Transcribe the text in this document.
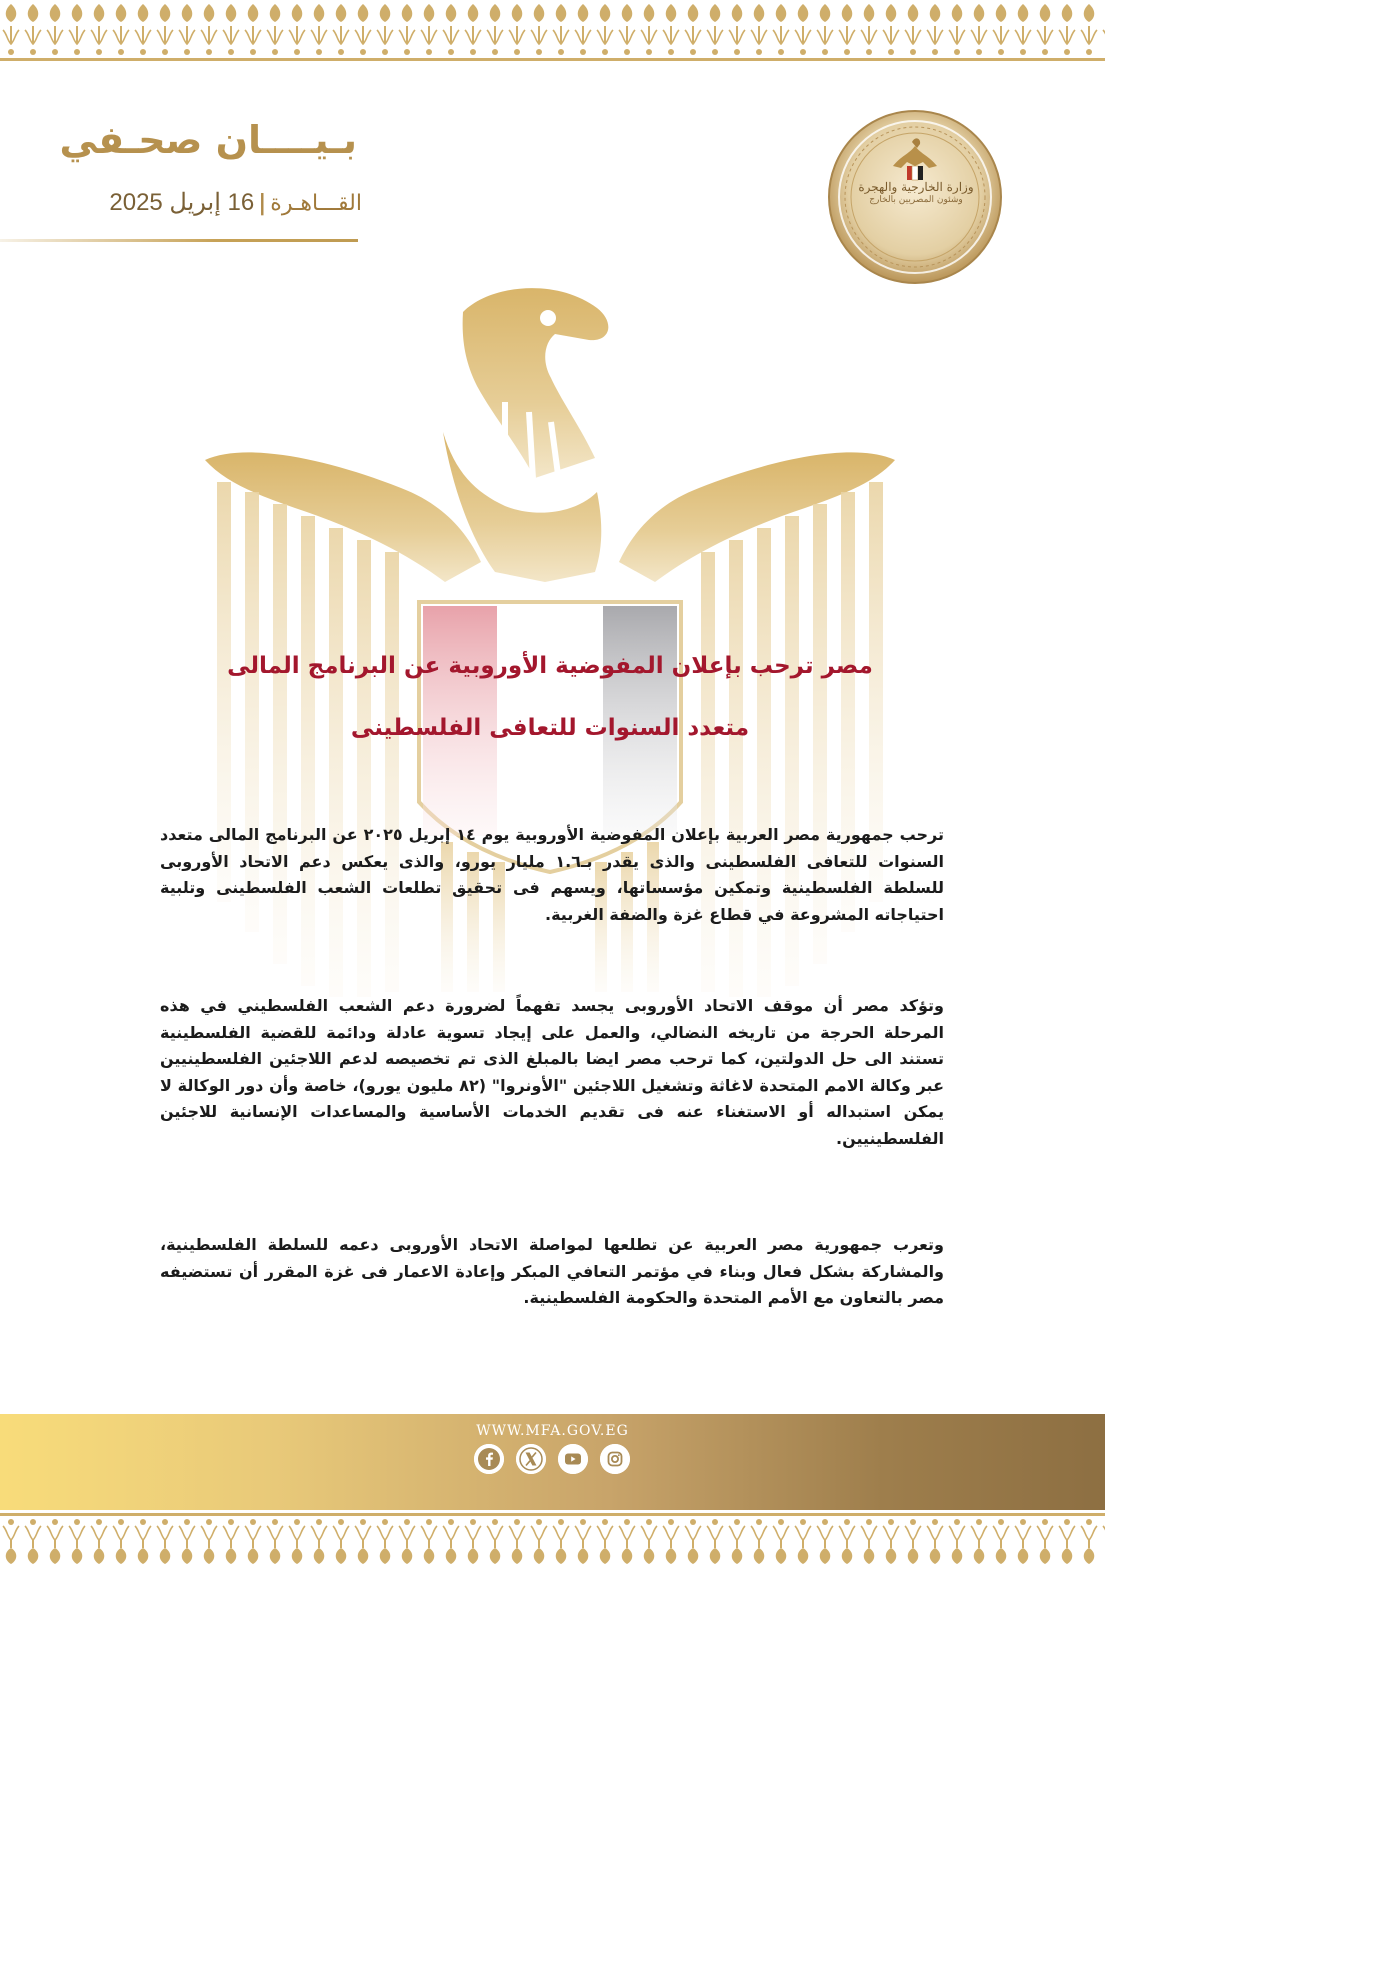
بـيــــان صحـفي
القـــاهـرة|16 إبريل 2025
وزارة الخارجية والهجرة
وشئون المصريين بالخارج
مصر ترحب بإعلان المفوضية الأوروبية عن البرنامج المالى
متعدد السنوات للتعافى الفلسطينى

ترحب جمهورية مصر العربية بإعلان المفوضية الأوروبية يوم ١٤ إبريل ٢٠٢٥ عن البرنامج المالى متعدد السنوات للتعافى الفلسطينى والذى يقدر بـ١.٦ مليار يورو، والذى يعكس دعم الاتحاد الأوروبى للسلطة الفلسطينية وتمكين مؤسساتها، ويسهم فى تحقيق تطلعات الشعب الفلسطينى وتلبية احتياجاته المشروعة في قطاع غزة والضفة الغربية.

وتؤكد مصر أن موقف الاتحاد الأوروبى يجسد تفهماً لضرورة دعم الشعب الفلسطيني في هذه المرحلة الحرجة من تاريخه النضالي، والعمل على إيجاد تسوية عادلة ودائمة للقضية الفلسطينية تستند الى حل الدولتين، كما ترحب مصر ايضا بالمبلغ الذى تم تخصيصه لدعم اللاجئين الفلسطينيين عبر وكالة الامم المتحدة لاغاثة وتشغيل اللاجئين "الأونروا" (٨٢ مليون يورو)، خاصة وأن دور الوكالة لا يمكن استبداله أو الاستغناء عنه فى تقديم الخدمات الأساسية والمساعدات الإنسانية للاجئين الفلسطينيين.

وتعرب جمهورية مصر العربية عن تطلعها لمواصلة الاتحاد الأوروبى دعمه للسلطة الفلسطينية، والمشاركة بشكل فعال وبناء في مؤتمر التعافي المبكر وإعادة الاعمار فى غزة المقرر أن تستضيفه مصر بالتعاون مع الأمم المتحدة والحكومة الفلسطينية.

WWW.MFA.GOV.EG
